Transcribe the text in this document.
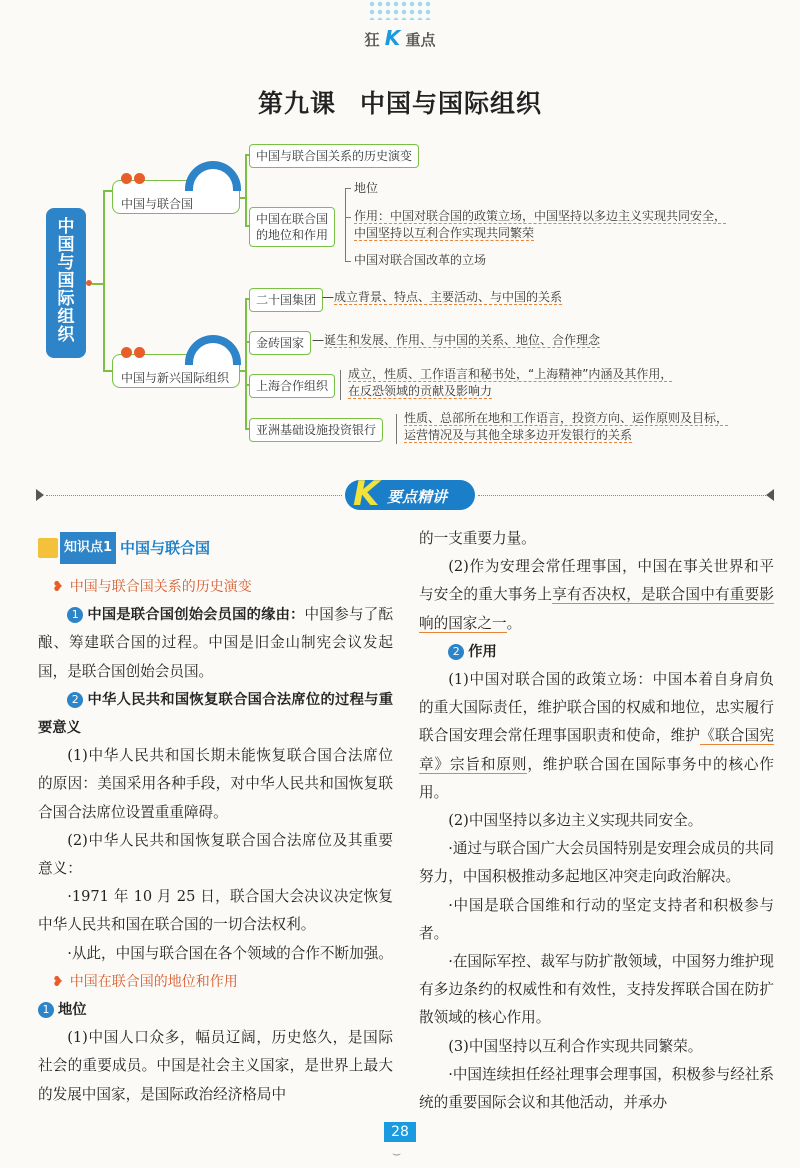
狂 K 重点
第九课 中国与国际组织
中
国
与
国
际
组
织
中国与联合国
中国与新兴国际组织
中国与联合国关系的历史演变
中国在联合国
的地位和作用
地位
作用：中国对联合国的政策立场，中国坚持以多边主义实现共同安全，
中国坚持以互利合作实现共同繁荣
中国对联合国改革的立场
二十国集团 —成立背景、特点、主要活动、与中国的关系
金砖国家 —诞生和发展、作用、与中国的关系、地位、合作理念
上海合作组织
成立，性质、工作语言和秘书处，“上海精神”内涵及其作用，
在反恐领域的贡献及影响力
亚洲基础设施投资银行
性质、总部所在地和工作语言，投资方向、运作原则及目标，
运营情况及与其他全球多边开发银行的关系
K 要点精讲
知识点1 中国与联合国
❥ 中国与联合国关系的历史演变

1 中国是联合国创始会员国的缘由：中国参与了酝酿、筹建联合国的过程。中国是旧金山制宪会议发起国，是联合国创始会员国。

2 中华人民共和国恢复联合国合法席位的过程与重要意义

(1)中华人民共和国长期未能恢复联合国合法席位的原因：美国采用各种手段，对中华人民共和国恢复联合国合法席位设置重重障碍。

(2)中华人民共和国恢复联合国合法席位及其重要意义：

·1971 年 10 月 25 日，联合国大会决议决定恢复中华人民共和国在联合国的一切合法权利。

·从此，中国与联合国在各个领域的合作不断加强。

❥ 中国在联合国的地位和作用

1 地位

(1)中国人口众多，幅员辽阔，历史悠久，是国际社会的重要成员。中国是社会主义国家，是世界上最大的发展中国家，是国际政治经济格局中

的一支重要力量。

(2)作为安理会常任理事国，中国在事关世界和平与安全的重大事务上享有否决权，是联合国中有重要影响的国家之一。

2 作用

(1)中国对联合国的政策立场：中国本着自身肩负的重大国际责任，维护联合国的权威和地位，忠实履行联合国安理会常任理事国职责和使命，维护《联合国宪章》宗旨和原则，维护联合国在国际事务中的核心作用。

(2)中国坚持以多边主义实现共同安全。

·通过与联合国广大会员国特别是安理会成员的共同努力，中国积极推动多起地区冲突走向政治解决。

·中国是联合国维和行动的坚定支持者和积极参与者。

·在国际军控、裁军与防扩散领域，中国努力维护现有多边条约的权威性和有效性，支持发挥联合国在防扩散领域的核心作用。

(3)中国坚持以互利合作实现共同繁荣。

·中国连续担任经社理事会理事国，积极参与经社系统的重要国际会议和其他活动，并承办

28
⌣
